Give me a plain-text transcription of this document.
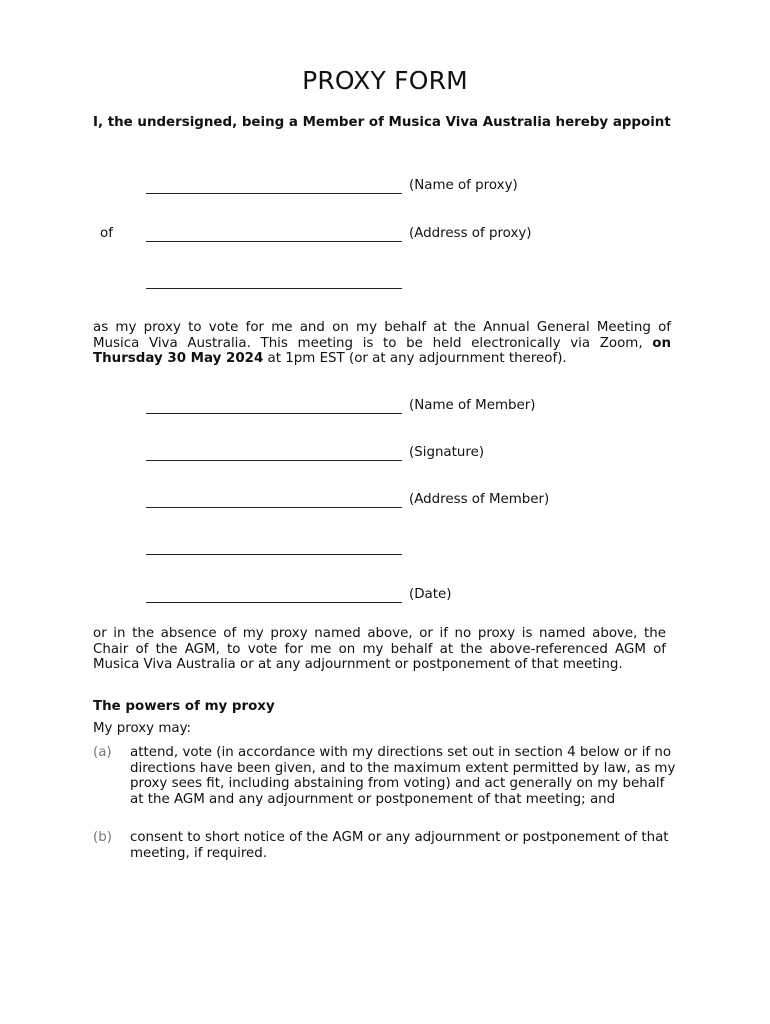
PROXY FORM
I, the undersigned, being a Member of Musica Viva Australia hereby appoint
(Name of proxy)
of	(Address of proxy)
as my proxy to vote for me and on my behalf at the Annual General Meeting of Musica Viva Australia. This meeting is to be held electronically via Zoom, on Thursday 30 May 2024 at 1pm EST (or at any adjournment thereof).
(Name of Member)
(Signature)
(Address of Member)
(Date)
or in the absence of my proxy named above, or if no proxy is named above, the Chair of the AGM, to vote for me on my behalf at the above-referenced AGM of Musica Viva Australia or at any adjournment or postponement of that meeting.
The powers of my proxy
My proxy may:
(a) attend, vote (in accordance with my directions set out in section 4 below or if no directions have been given, and to the maximum extent permitted by law, as my proxy sees fit, including abstaining from voting) and act generally on my behalf at the AGM and any adjournment or postponement of that meeting; and
(b) consent to short notice of the AGM or any adjournment or postponement of that meeting, if required.
